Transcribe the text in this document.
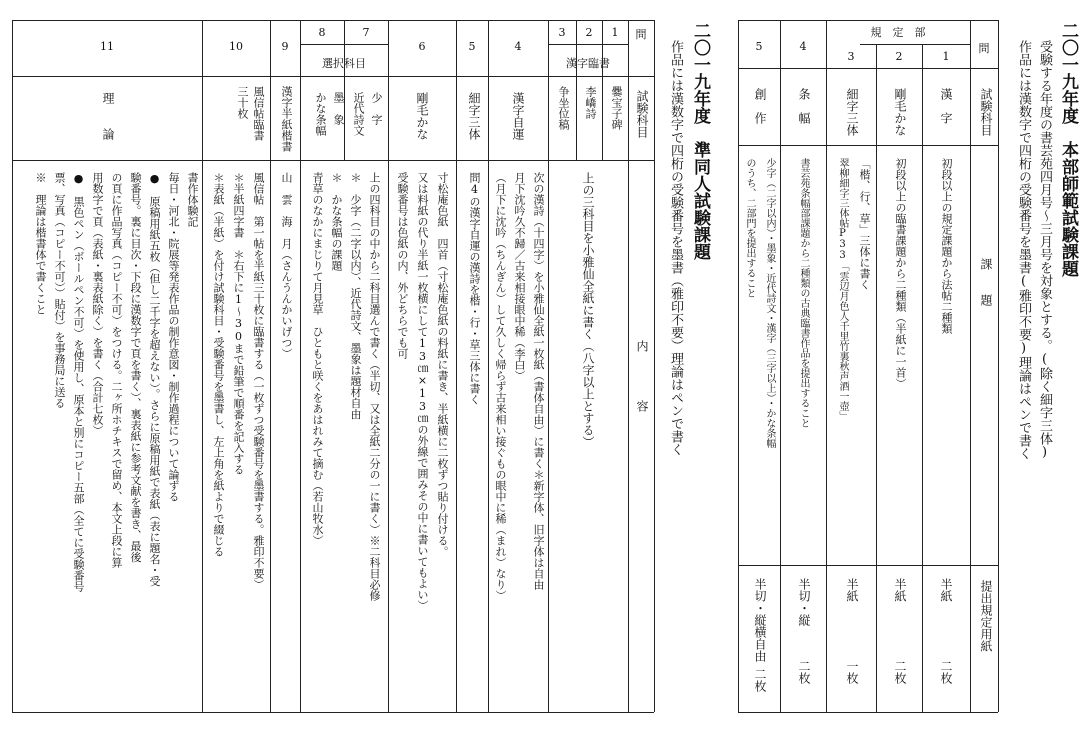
二〇一九年度　本部師範試験課題
受験する年度の書芸苑四月号〜三月号を対象とする。(除く細字三体)
作品には漢数字で四桁の受験番号を墨書(雅印不要)理論はペンで書く
問
規　定　部
試験科目
課　　題
提出規定用紙
1
2
3
4
5
漢　字
剛毛かな
細字三体
条　幅
創　作
初段以上の規定課題から法帖二種類
初段以上の臨書課題から二種類（半紙に一首）
「楷、行、草」三体に書く
翠柳細字三体帖P33「雲辺月色人千里竹裏秋声酒一壺」
書芸苑条幅部課題から二種類の古典臨書作品を提出すること
少字（二字以内）・墨象・近代詩文・漢字（三字以上）・かな条幅
のうち、二部門を提出すること
半紙
二枚
半紙
二枚
半紙
一枚
半切・縦
二枚
半切・縦横自由
二枚
二〇一九年度　準同人試験課題
作品には漢数字で四桁の受験番号を墨書（雅印不要）理論はペンで書く
問
試験科目
内　　　　容
漢字臨書
選択科目
1
2
3
爨宝子碑
李嶠詩
争坐位稿
上の三科目を小雅仙全紙に書く（八字以上とする）
4
漢字自運
次の漢詩（十四字）を小雅仙全紙一枚紙（書体自由）に書く＊新字体、旧字体は自由
月下沈吟久不歸／古来相接眼中稀（李白）
（月下に沈吟（ちんぎん）して久しく帰らず古来相い接ぐもの眼中に稀（まれ）なり）
5
細字三体
問4の漢字自運の漢詩を楷・行・草三体に書く
6
剛毛かな
寸松庵色紙　四首（寸松庵色紙の料紙に書き、半紙横に二枚ずつ貼り付ける。
又は料紙の代り半紙一枚横にして13㎝×13㎝の外線で囲みその中に書いてもよい）
受験番号は色紙の内、外どちらでも可
7
8
少　字
近代詩文
墨　象
かな条幅
上の四科目の中から二科目選んで書く（半切、又は全紙二分の一に書く）※二科目必修
＊　少字（二字以内）、近代詩文、墨象は題材自由
＊　かな条幅の課題
青草のなかにまじりて月見草　ひともと咲くをあはれみて摘む（若山牧水）
9
漢字半紙楷書
山　雲　海　月（さんうんかいげつ）
10
風信帖臨書　三十枚
風信帖　第一帖を半紙三十枚に臨書する（一枚ずつ受験番号を墨書する。雅印不要）
＊半紙四字書　＊右下に1〜30まで鉛筆で順番を記入する
＊表紙（半紙）を付け試験科目・受験番号を墨書し、左上角を紙よりで綴じる
11
理　　論
書作体験記
毎日・河北・院展等発表作品の制作意図・制作過程について論ずる
●　原稿用紙五枚（但し二千字を超えない）。さらに原稿用紙で表紙（表に題名・受
験番号。裏に目次・下段に漢数字で頁を書く）、裏表紙に参考文献を書き、最後
の頁に作品写真（コピー不可）をつける。二ヶ所ホチキスで留め、本文上段に算
用数字で頁（表紙・裏表紙除く）を書く（合計七枚）
●　黒色ペン（ボールペン不可）を使用し、原本と別にコピー五部（全てに受験番号
票、写真（コピー不可））貼付）を事務局に送る
※　理論は楷書体で書くこと
